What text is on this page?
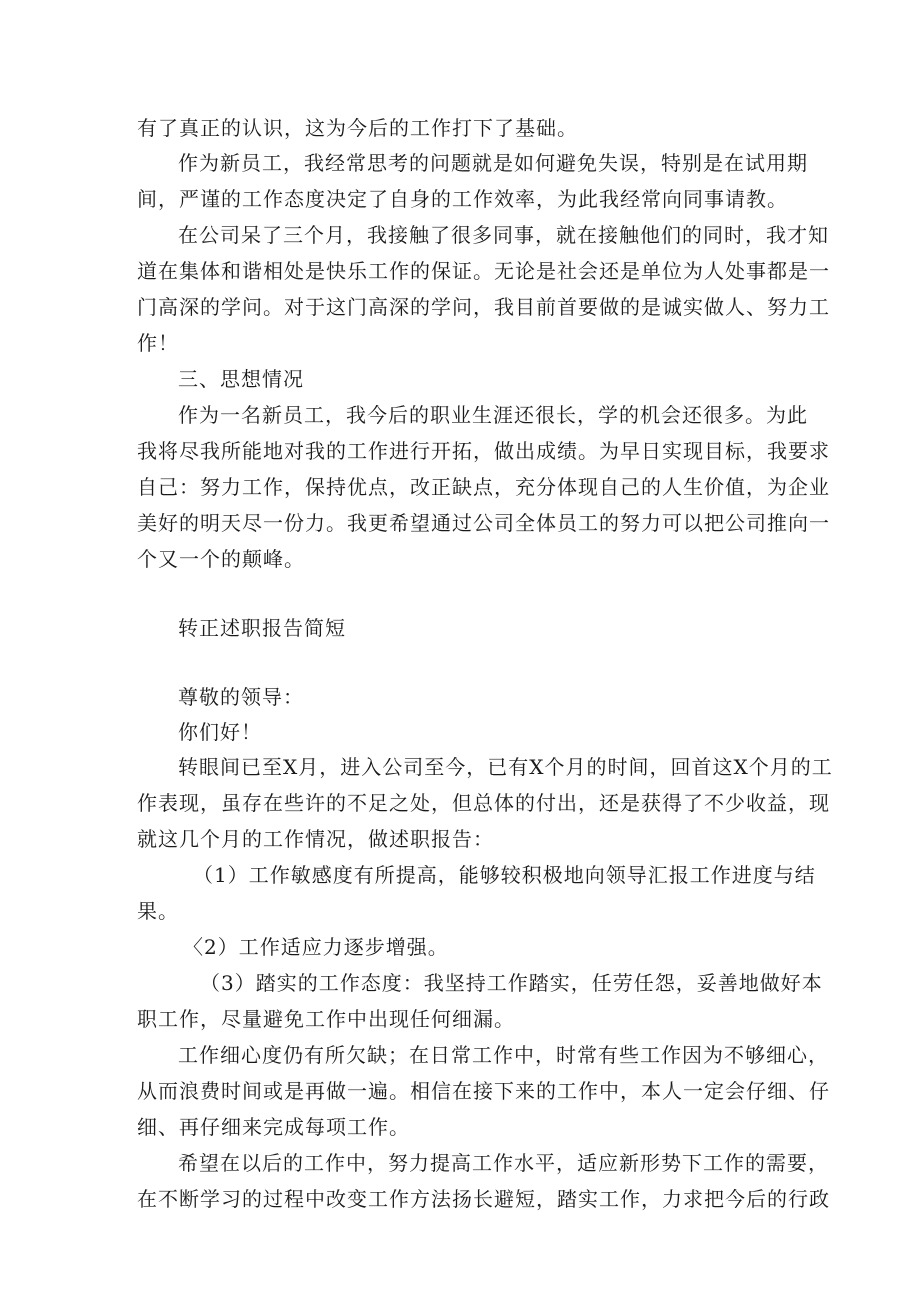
有了真正的认识，这为今后的工作打下了基础。

作为新员工，我经常思考的问题就是如何避免失误，特别是在试用期

间，严谨的工作态度决定了自身的工作效率，为此我经常向同事请教。

在公司呆了三个月，我接触了很多同事，就在接触他们的同时，我才知

道在集体和谐相处是快乐工作的保证。无论是社会还是单位为人处事都是一

门高深的学问。对于这门高深的学问，我目前首要做的是诚实做人、努力工

作！

三、思想情况

作为一名新员工，我今后的职业生涯还很长，学的机会还很多。为此

我将尽我所能地对我的工作进行开拓，做出成绩。为早日实现目标，我要求

自己：努力工作，保持优点，改正缺点，充分体现自己的人生价值，为企业

美好的明天尽一份力。我更希望通过公司全体员工的努力可以把公司推向一

个又一个的颠峰。

转正述职报告简短

尊敬的领导：

你们好！

转眼间已至X月，进入公司至今，已有X个月的时间，回首这X个月的工

作表现，虽存在些许的不足之处，但总体的付出，还是获得了不少收益，现

就这几个月的工作情况，做述职报告：

（1）工作敏感度有所提高，能够较积极地向领导汇报工作进度与结

果。

〈2）工作适应力逐步增强。

（3）踏实的工作态度：我坚持工作踏实，任劳任怨，妥善地做好本

职工作，尽量避免工作中出现任何细漏。

工作细心度仍有所欠缺；在日常工作中，时常有些工作因为不够细心，

从而浪费时间或是再做一遍。相信在接下来的工作中，本人一定会仔细、仔

细、再仔细来完成每项工作。

希望在以后的工作中，努力提高工作水平，适应新形势下工作的需要，

在不断学习的过程中改变工作方法扬长避短，踏实工作，力求把今后的行政
